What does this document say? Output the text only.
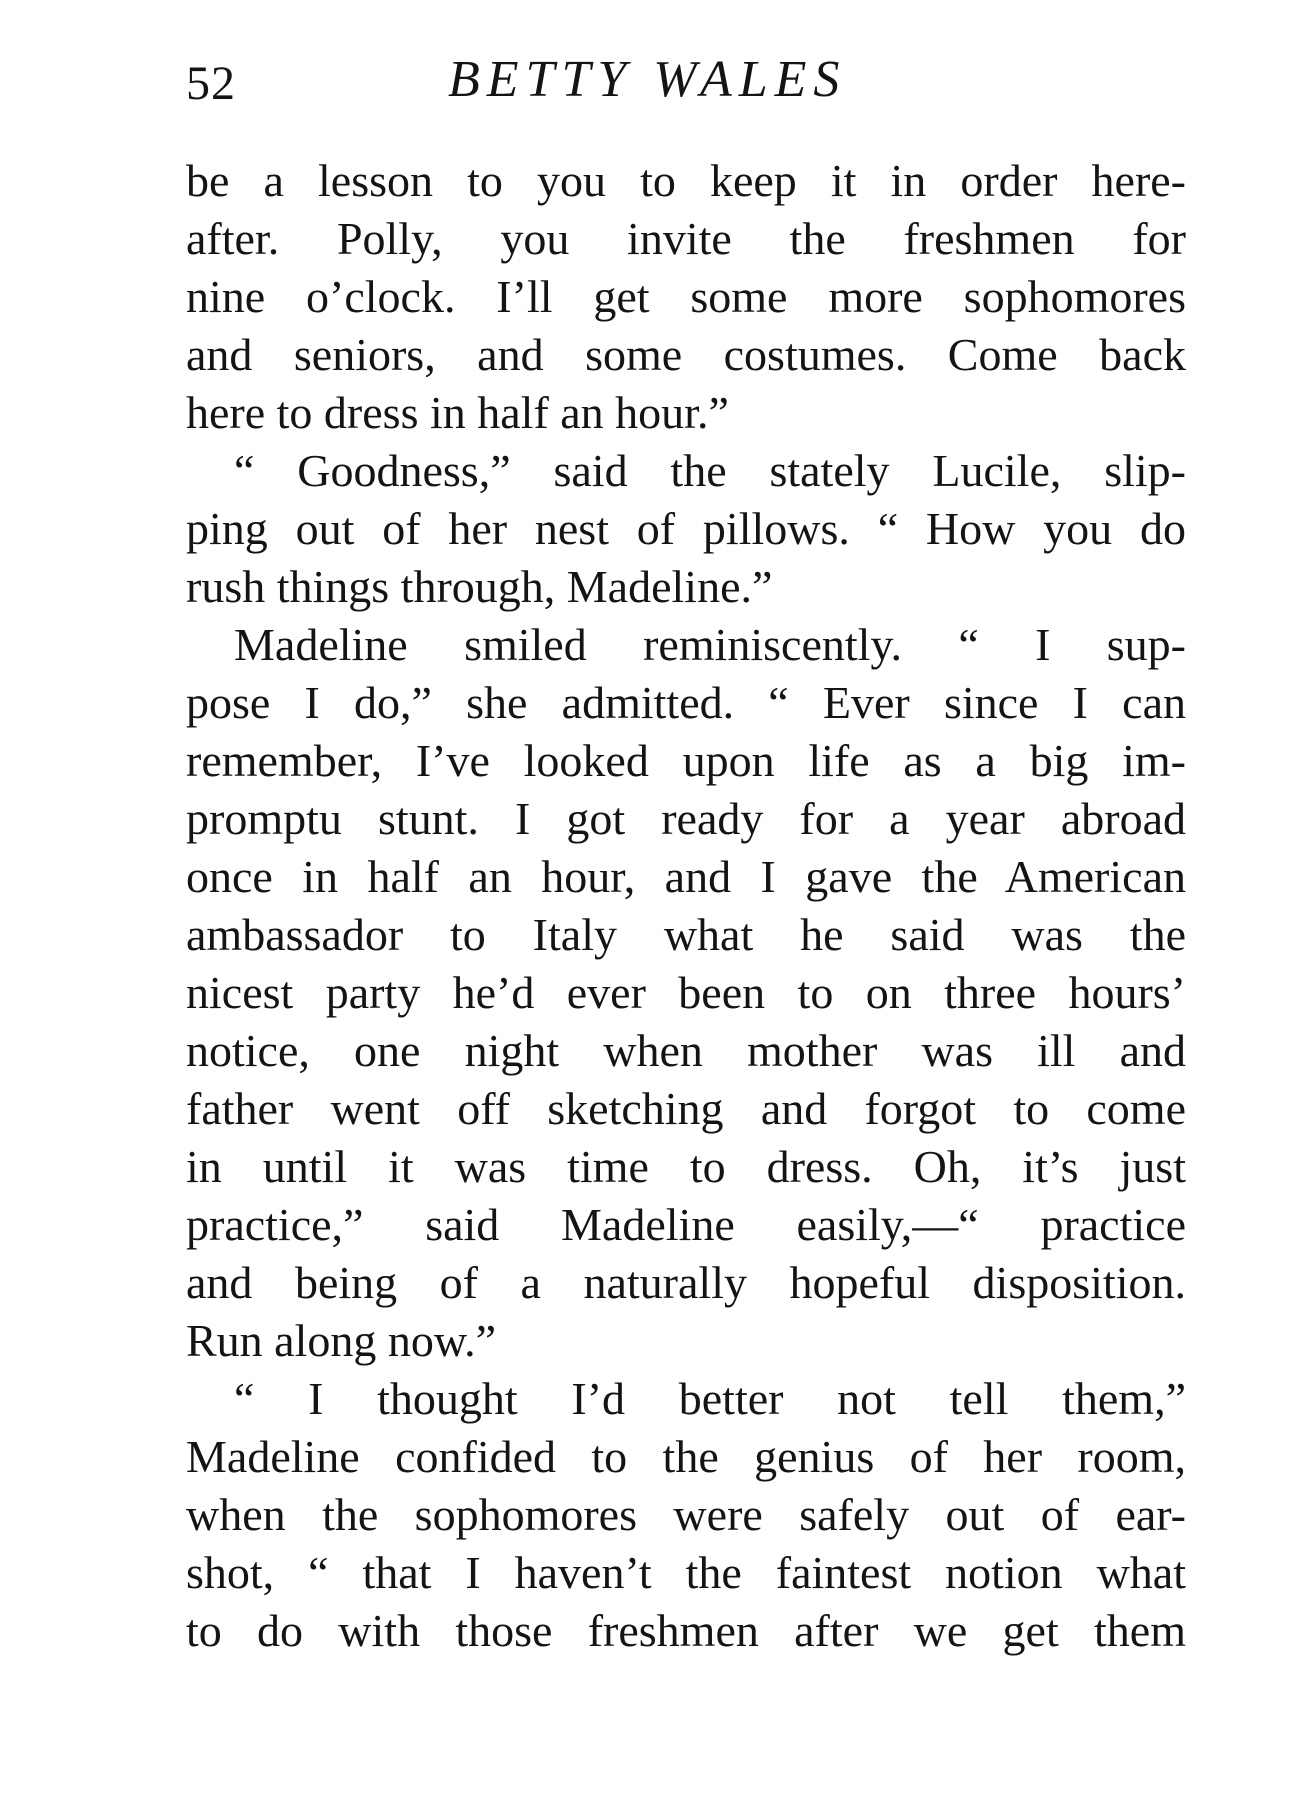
52	BETTY WALES
be a lesson to you to keep it in order here-
after. Polly, you invite the freshmen for
nine o’clock. I’ll get some more sophomores
and seniors, and some costumes. Come back
here to dress in half an hour.”
“ Goodness,” said the stately Lucile, slip-
ping out of her nest of pillows. “ How you do
rush things through, Madeline.”
Madeline smiled reminiscently. “ I sup-
pose I do,” she admitted. “ Ever since I can
remember, I’ve looked upon life as a big im-
promptu stunt. I got ready for a year abroad
once in half an hour, and I gave the American
ambassador to Italy what he said was the
nicest party he’d ever been to on three hours’
notice, one night when mother was ill and
father went off sketching and forgot to come
in until it was time to dress. Oh, it’s just
practice,” said Madeline easily,—“ practice
and being of a naturally hopeful disposition.
Run along now.”
“ I thought I’d better not tell them,”
Madeline confided to the genius of her room,
when the sophomores were safely out of ear-
shot, “ that I haven’t the faintest notion what
to do with those freshmen after we get them
